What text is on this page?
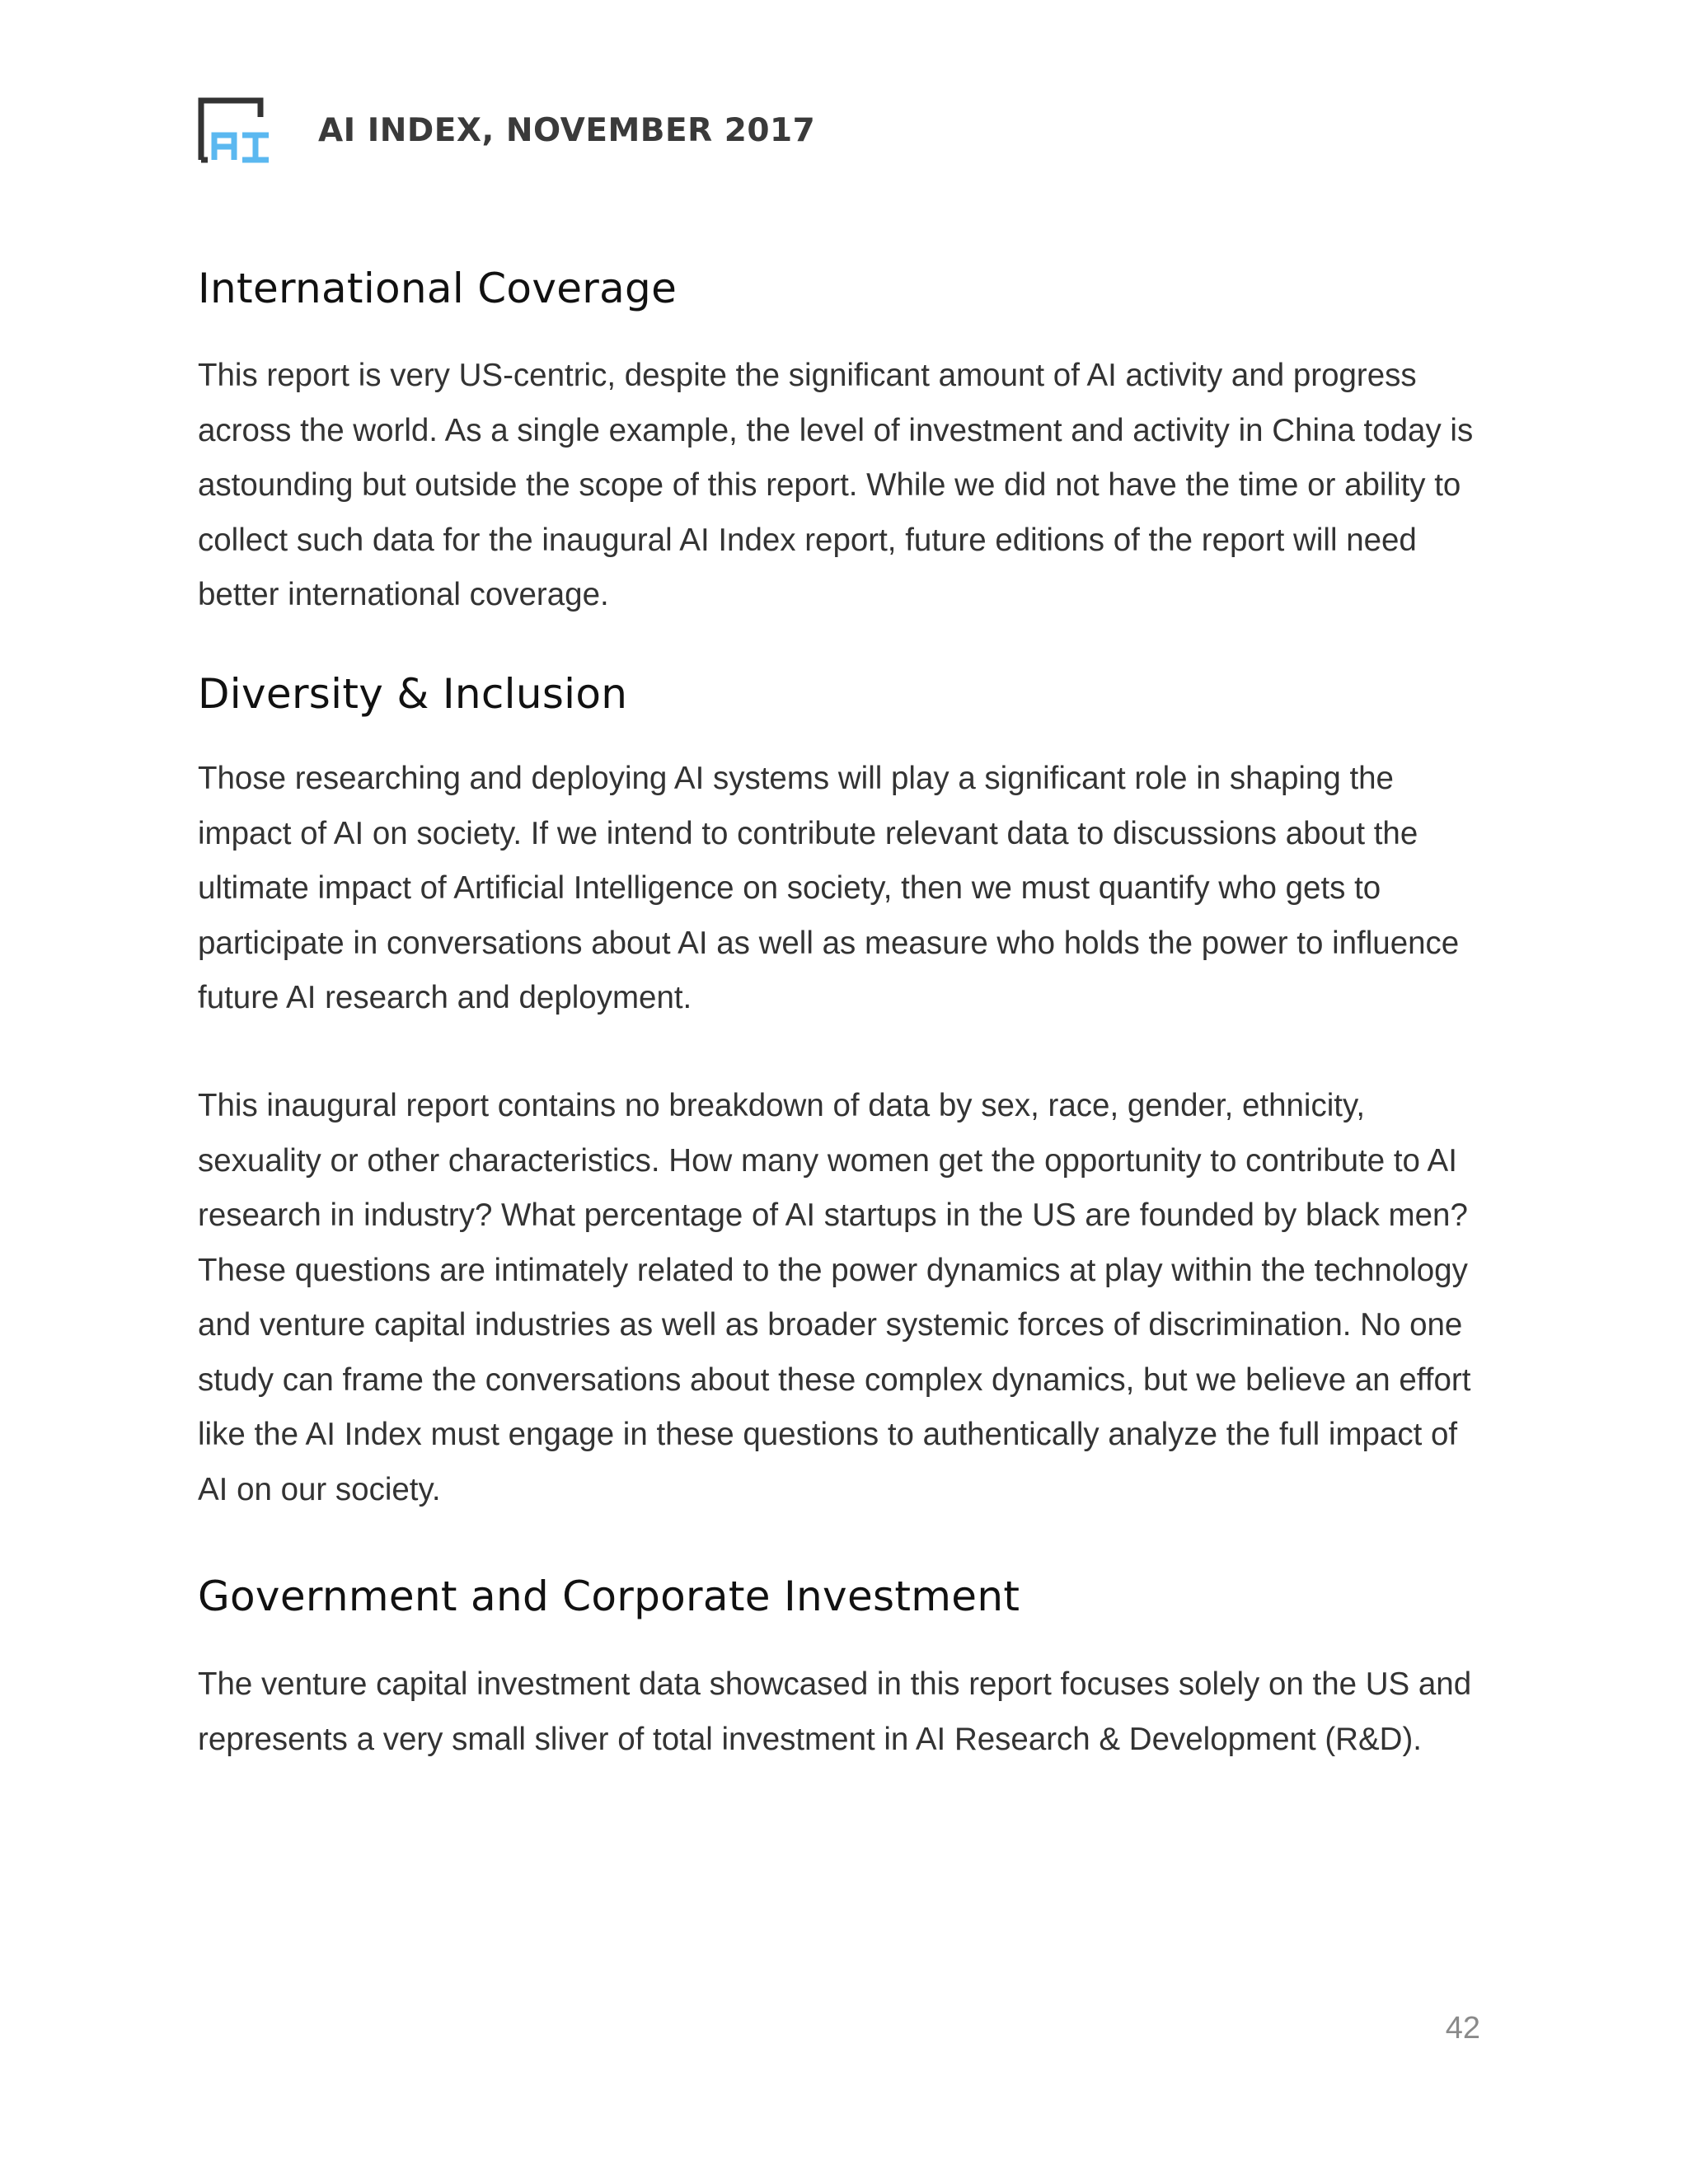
AI INDEX, NOVEMBER 2017
International Coverage

This report is very US-centric, despite the significant amount of AI activity and progress across the world. As a single example, the level of investment and activity in China today is astounding but outside the scope of this report. While we did not have the time or ability to collect such data for the inaugural AI Index report, future editions of the report will need better international coverage.

Diversity & Inclusion

Those researching and deploying AI systems will play a significant role in shaping the impact of AI on society. If we intend to contribute relevant data to discussions about the ultimate impact of Artificial Intelligence on society, then we must quantify who gets to participate in conversations about AI as well as measure who holds the power to influence future AI research and deployment.

This inaugural report contains no breakdown of data by sex, race, gender, ethnicity, sexuality or other characteristics. How many women get the opportunity to contribute to AI research in industry? What percentage of AI startups in the US are founded by black men? These questions are intimately related to the power dynamics at play within the technology and venture capital industries as well as broader systemic forces of discrimination. No one study can frame the conversations about these complex dynamics, but we believe an effort like the AI Index must engage in these questions to authentically analyze the full impact of AI on our society.

Government and Corporate Investment

The venture capital investment data showcased in this report focuses solely on the US and represents a very small sliver of total investment in AI Research & Development (R&D).

42
